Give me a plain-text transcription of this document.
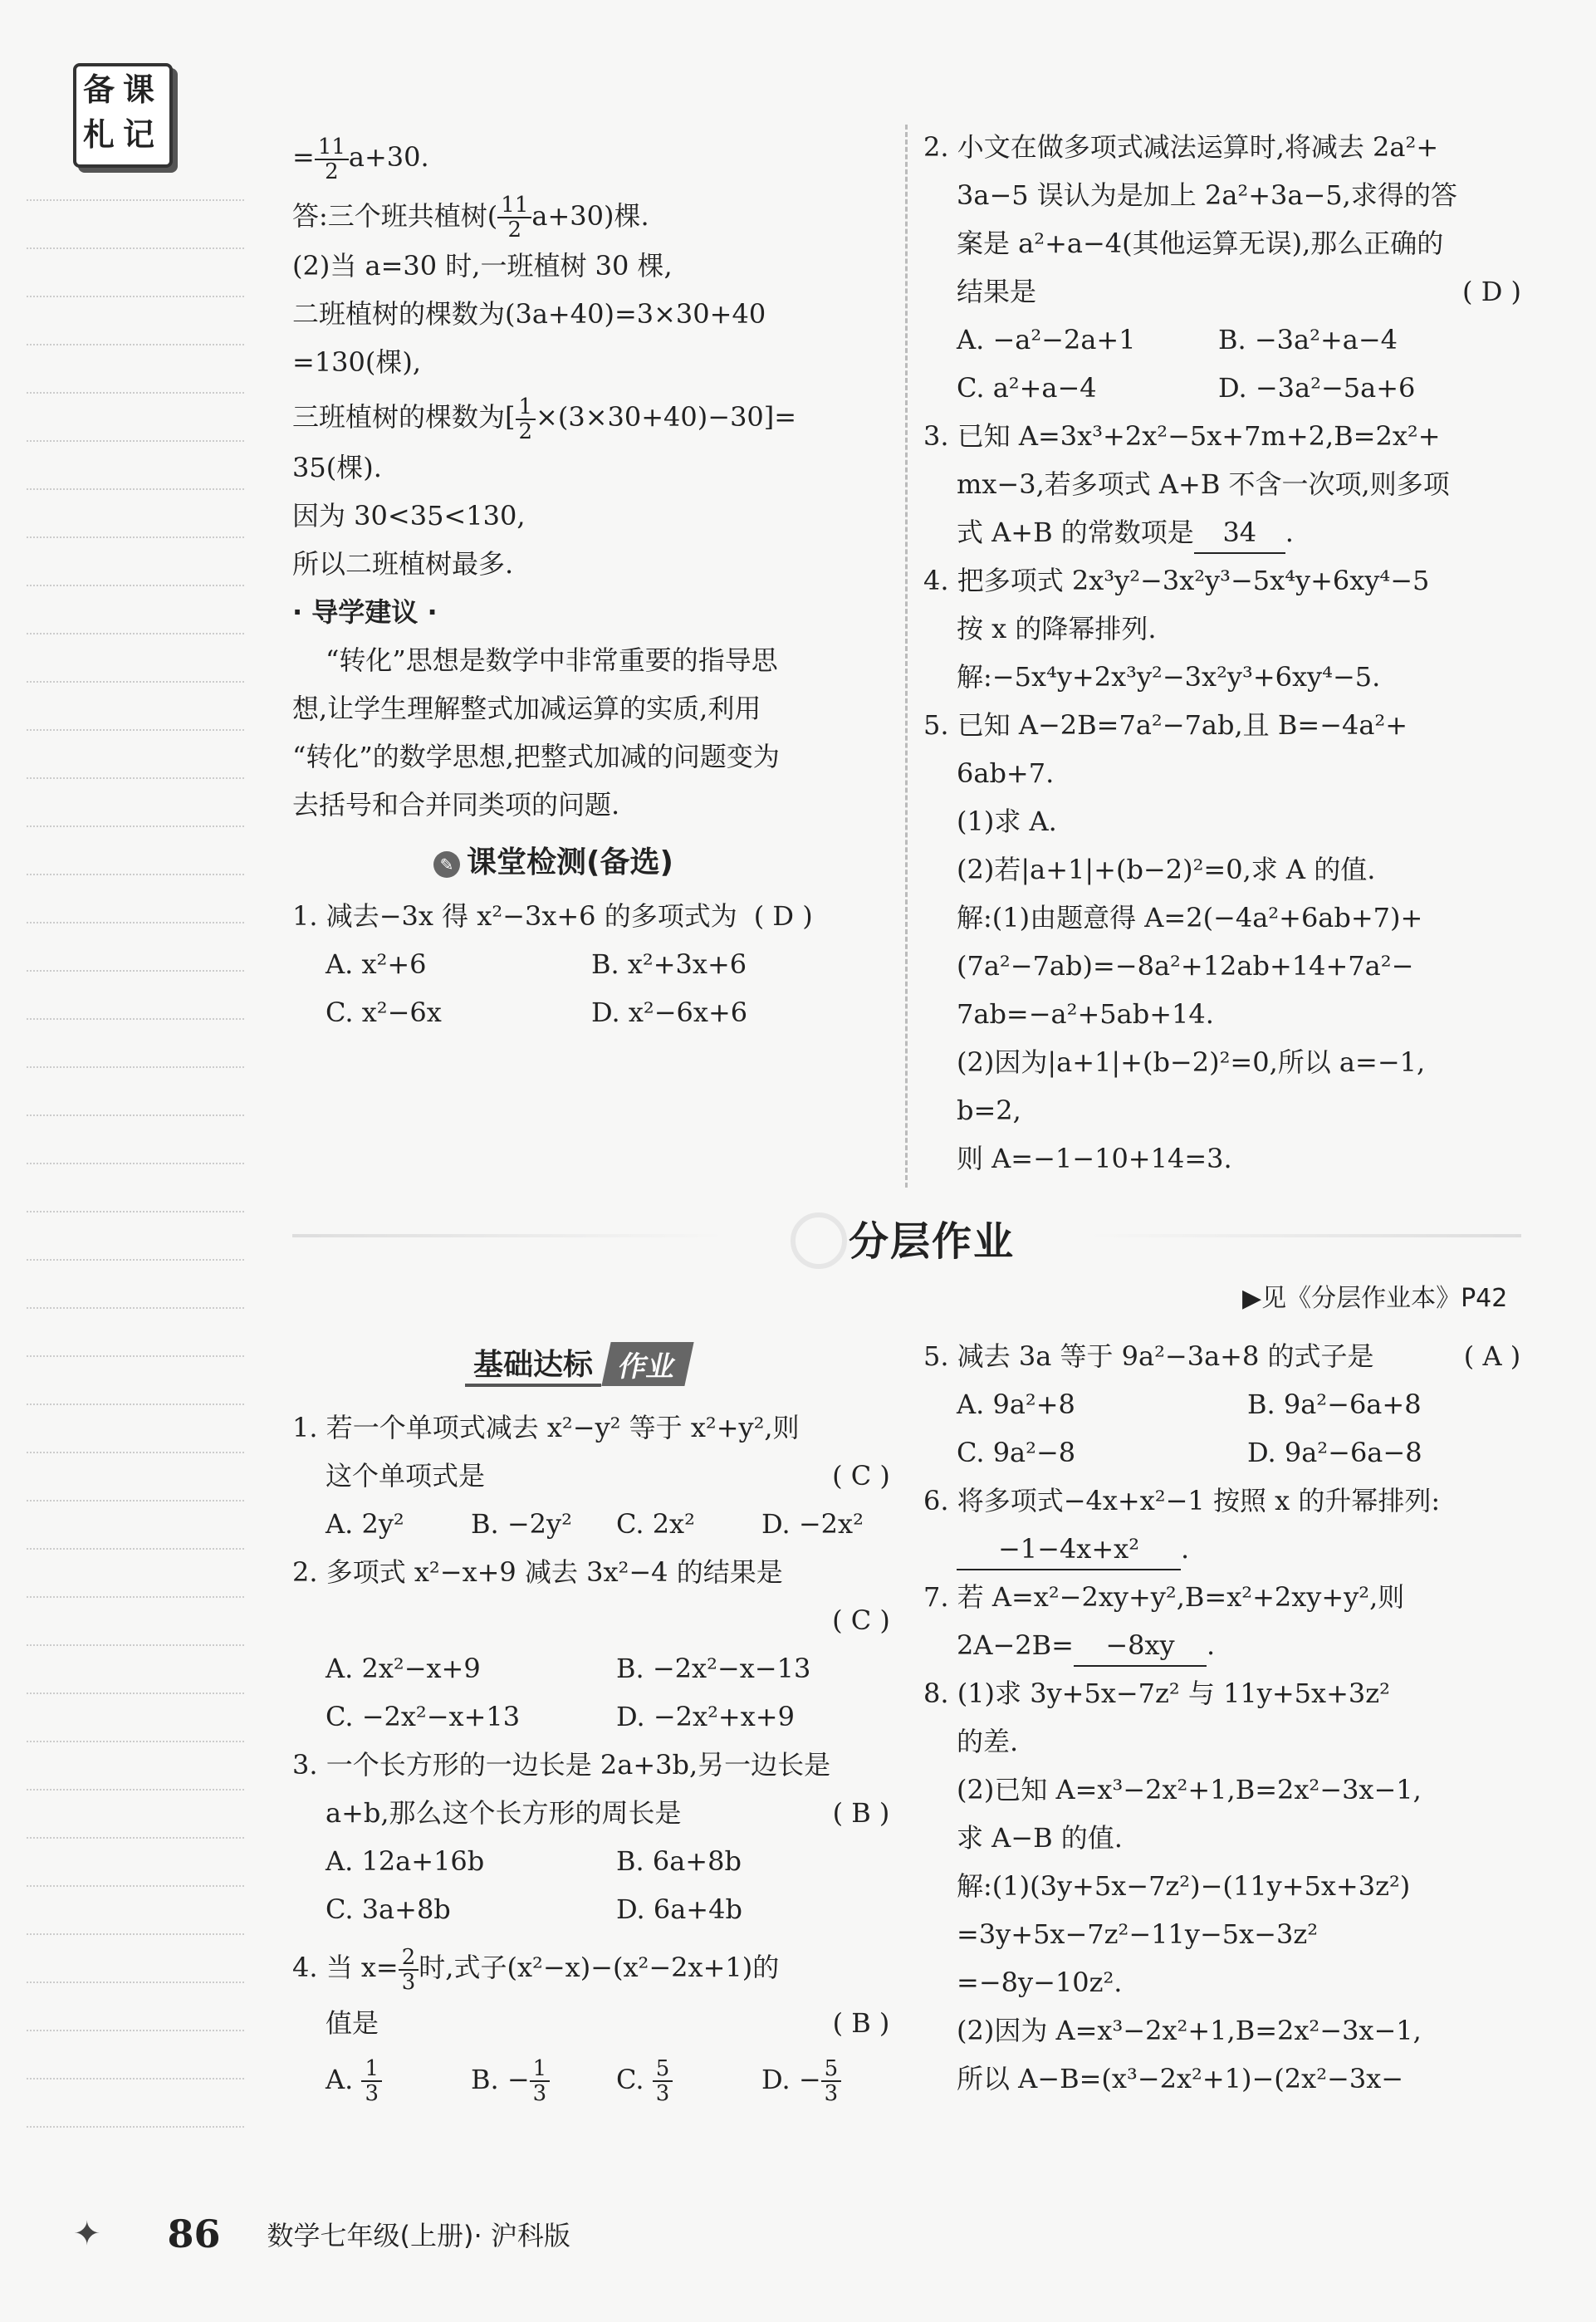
备 课
札 记

= $\frac{11}{2} a+30$.

答:三个班共植树( $\frac{11}{2} a+30$)棵.

(2)当 a=30 时,一班植树 30 棵,

二班植树的棵数为(3a+40)=3×30+40

=130(棵),

三班植树的棵数为[ $\frac{1}{2} \times(3\times 30+40)-30]=$

35(棵).

因为 30<35<130,

所以二班植树最多.

· 导学建议 ·

“转化”思想是数学中非常重要的指导思

想,让学生理解整式加减运算的实质,利用

“转化”的数学思想,把整式加减的问题变为

去括号和合并同类项的问题.

✎ 课堂检测(备选)

1. 减去−3x 得 x²−3x+6 的多项式为 ( D )

A. x²+6	B. x²+3x+6

C. x²−6x	D. x²−6x+6

2. 小文在做多项式减法运算时,将减去 2a²+

3a−5 误认为是加上 2a²+3a−5,求得的答

案是 a²+a−4(其他运算无误),那么正确的

结果是	( D )

A. −a²−2a+1	B. −3a²+a−4

C. a²+a−4	D. −3a²−5a+6

3. 已知 A=3x³+2x²−5x+7m+2,B=2x²+

mx−3,若多项式 A+B 不含一次项,则多项

式 A+B 的常数项是 34 .

4. 把多项式 2x³y²−3x²y³−5x⁴y+6xy⁴−5

按 x 的降幂排列.

解:−5x⁴y+2x³y²−3x²y³+6xy⁴−5.

5. 已知 A−2B=7a²−7ab,且 B=−4a²+

6ab+7.

(1)求 A.

(2)若|a+1|+(b−2)²=0,求 A 的值.

解:(1)由题意得 A=2(−4a²+6ab+7)+

(7a²−7ab)=−8a²+12ab+14+7a²−

7ab=−a²+5ab+14.

(2)因为|a+1|+(b−2)²=0,所以 a=−1,

b=2,

则 A=−1−10+14=3.

分层作业
▶见《分层作业本》P42
基础达标 作业

1. 若一个单项式减去 x²−y² 等于 x²+y²,则

这个单项式是	( C )

A. 2y²	B. −2y²	C. 2x²	D. −2x²

2. 多项式 x²−x+9 减去 3x²−4 的结果是

( C )

A. 2x²−x+9	B. −2x²−x−13

C. −2x²−x+13	D. −2x²+x+9

3. 一个长方形的一边长是 2a+3b,另一边长是

a+b,那么这个长方形的周长是	( B )

A. 12a+16b	B. 6a+8b

C. 3a+8b	D. 6a+4b

4. 当 $x= \frac{2}{3}$ 时,式子(x²−x)−(x²−2x+1)的

值是	( B )

A. $\frac{1}{3}$	B. − $\frac{1}{3} C$. $\frac{5}{3}$	D. − $\frac{5}{3}$

5. 减去 3a 等于 9a²−3a+8 的式子是	( A )

A. 9a²+8	B. 9a²−6a+8

C. 9a²−8	D. 9a²−6a−8

6. 将多项式−4x+x²−1 按照 x 的升幂排列:

−1−4x+x² .

7. 若 A=x²−2xy+y²,B=x²+2xy+y²,则

2A−2B= −8xy .

8. (1)求 3y+5x−7z² 与 11y+5x+3z²

的差.

(2)已知 A=x³−2x²+1,B=2x²−3x−1,

求 A−B 的值.

解:(1)(3y+5x−7z²)−(11y+5x+3z²)

=3y+5x−7z²−11y−5x−3z²

=−8y−10z².

(2)因为 A=x³−2x²+1,B=2x²−3x−1,

所以 A−B=(x³−2x²+1)−(2x²−3x−

✦ 86 数学七年级(上册)· 沪科版
